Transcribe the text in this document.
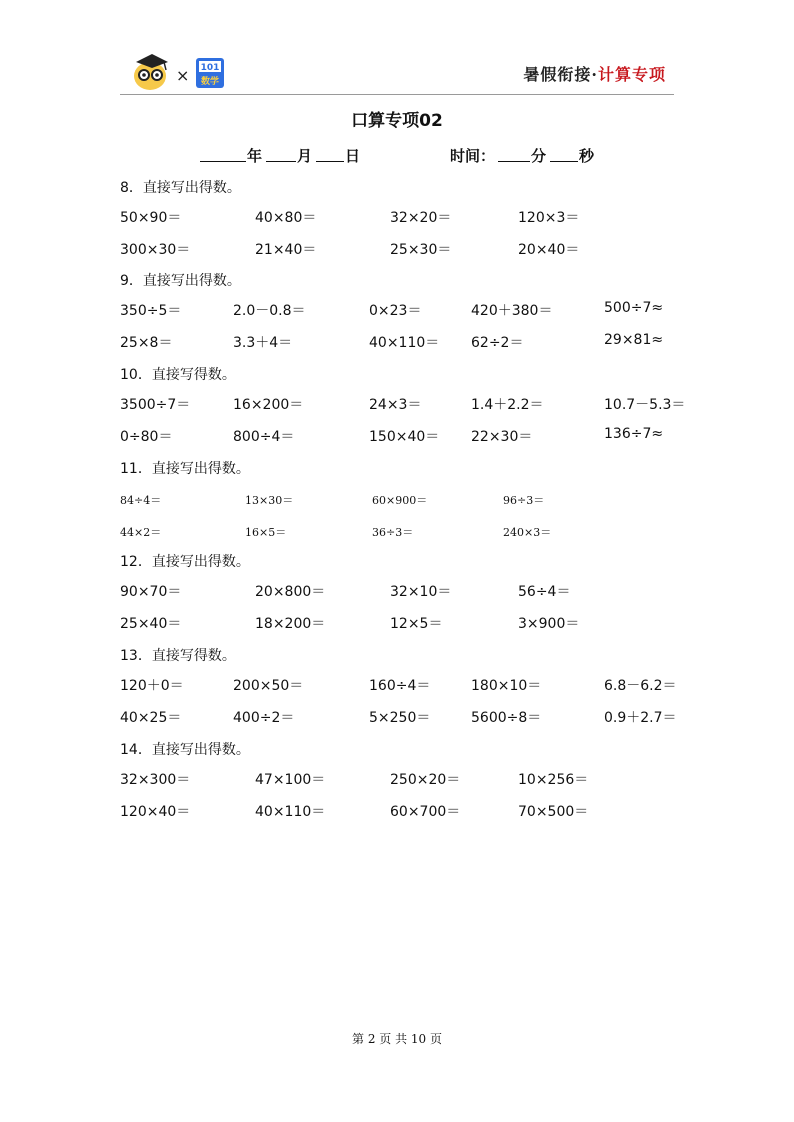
× 101
数学	暑假衔接·计算专项
口算专项02
年 月 日	时间： 分 秒
8．直接写出得数。
50×90＝	40×80＝	32×20＝	120×3＝
300×30＝	21×40＝	25×30＝	20×40＝
9．直接写出得数。
350÷5＝	2.0－0.8＝	0×23＝	420＋380＝	500÷7≈
25×8＝	3.3＋4＝	40×110＝ 62÷2＝	29×81≈
10．直接写得数。
3500÷7＝	16×200＝	24×3＝	1.4＋2.2＝	10.7－5.3＝
0÷80＝	800÷4＝	150×40＝ 22×30＝	136÷7≈
11．直接写出得数。
84÷4＝	13×30＝	60×900＝	96÷3＝
44×2＝	16×5＝	36÷3＝	240×3＝
12．直接写出得数。
90×70＝	20×800＝	32×10＝	56÷4＝
25×40＝	18×200＝	12×5＝	3×900＝
13．直接写得数。
120＋0＝	200×50＝	160÷4＝	180×10＝	6.8－6.2＝
40×25＝	400÷2＝	5×250＝	5600÷8＝	0.9＋2.7＝
14．直接写出得数。
32×300＝	47×100＝	250×20＝	10×256＝
120×40＝	40×110＝	60×700＝	70×500＝
第 2 页 共 10 页
